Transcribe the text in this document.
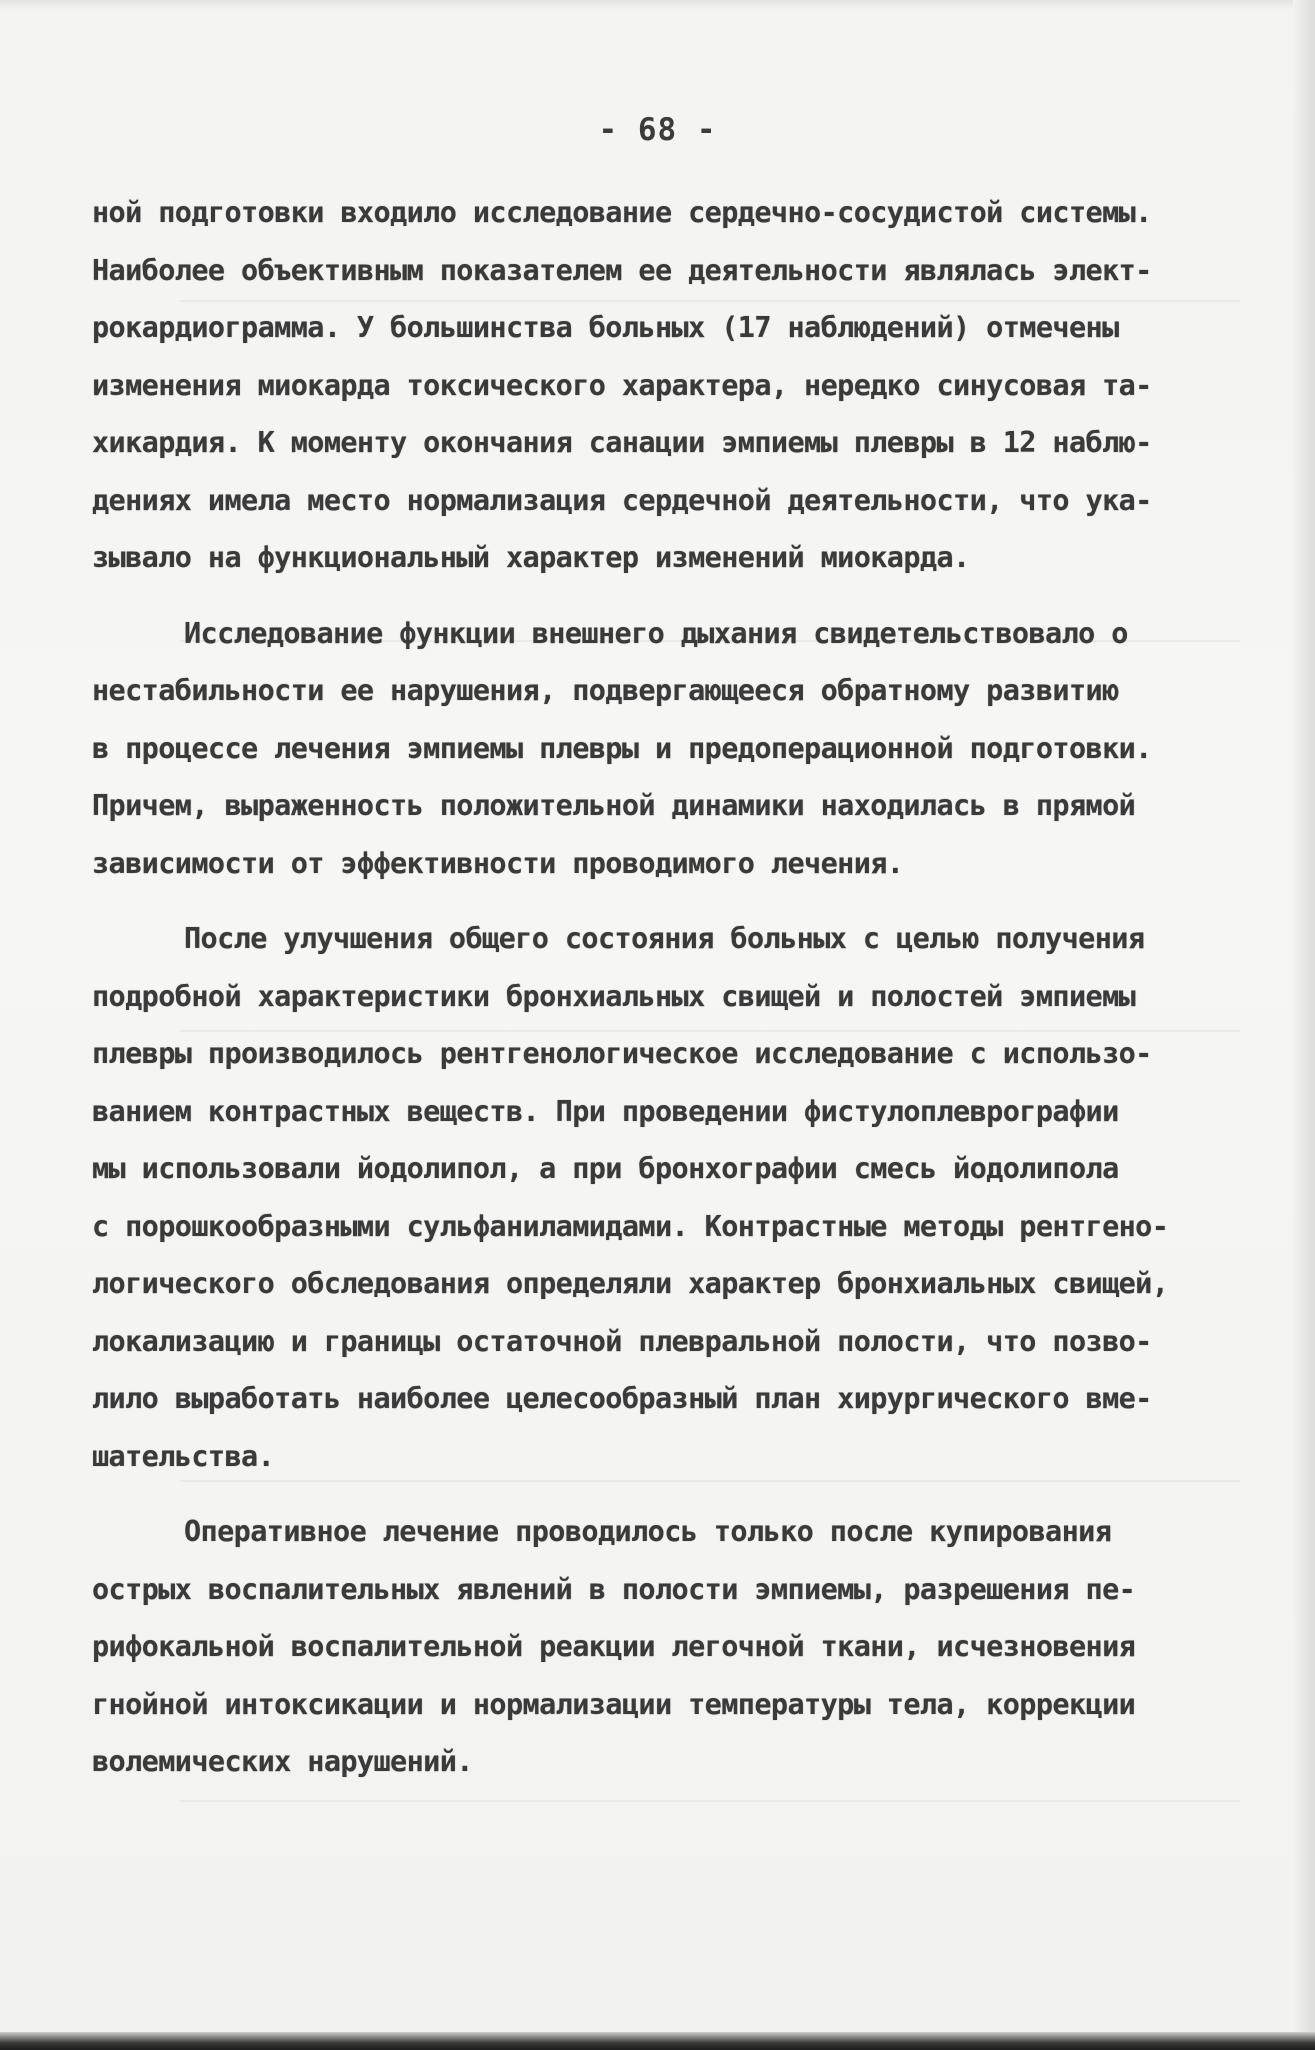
- 68 -
ной подготовки входило исследование сердечно-сосудистой системы.
Наиболее объективным показателем ее деятельности являлась элект-
рокардиограмма. У большинства больных (17 наблюдений) отмечены
изменения миокарда токсического характера, нередко синусовая та-
хикардия. К моменту окончания санации эмпиемы плевры в 12 наблю-
дениях имела место нормализация сердечной деятельности, что ука-
зывало на функциональный характер изменений миокарда.
Исследование функции внешнего дыхания свидетельствовало о
нестабильности ее нарушения, подвергающееся обратному развитию
в процессе лечения эмпиемы плевры и предоперационной подготовки.
Причем, выраженность положительной динамики находилась в прямой
зависимости от эффективности проводимого лечения.
После улучшения общего состояния больных с целью получения
подробной характеристики бронхиальных свищей и полостей эмпиемы
плевры производилось рентгенологическое исследование с использо-
ванием контрастных веществ. При проведении фистулоплеврографии
мы использовали йодолипол, а при бронхографии смесь йодолипола
с порошкообразными сульфаниламидами. Контрастные методы рентгено-
логического обследования определяли характер бронхиальных свищей,
локализацию и границы остаточной плевральной полости, что позво-
лило выработать наиболее целесообразный план хирургического вме-
шательства.
Оперативное лечение проводилось только после купирования
острых воспалительных явлений в полости эмпиемы, разрешения пе-
рифокальной воспалительной реакции легочной ткани, исчезновения
гнойной интоксикации и нормализации температуры тела, коррекции
волемических нарушений.
